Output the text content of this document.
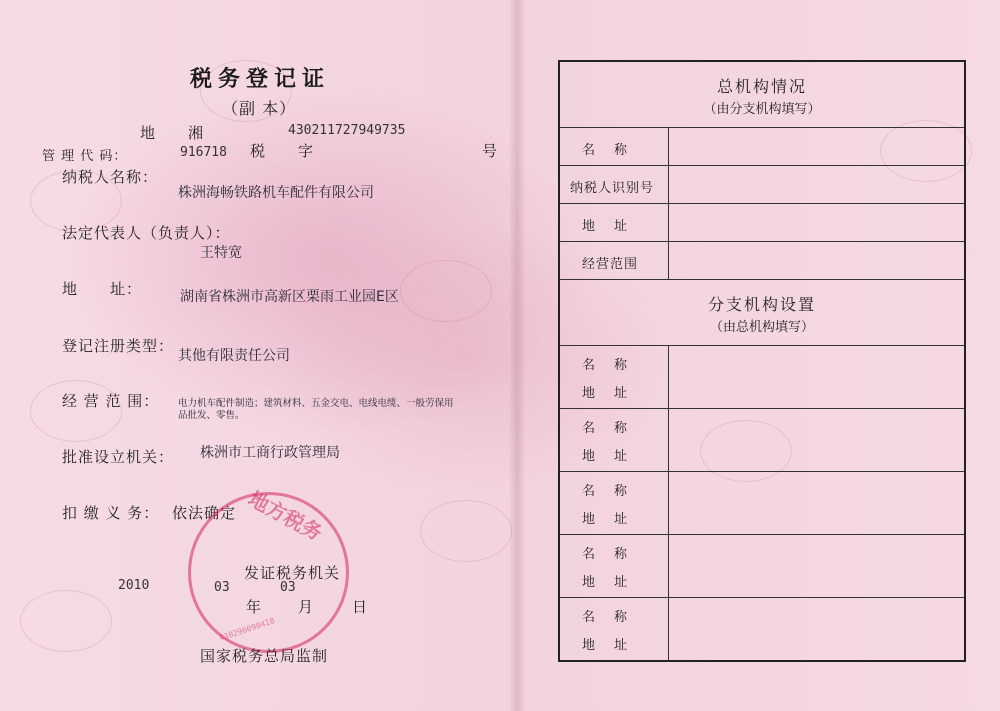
税务登记证
（副 本）
地　　湘	430211727949735
管 理 代 码：	916718 税　　字	号
纳税人名称：
株洲海畅铁路机车配件有限公司
法定代表人（负责人）：
王特宽
地　　址：	湖南省株洲市高新区栗雨工业园E区
登记注册类型：
其他有限责任公司
经 营 范 围： 电力机车配件制造；建筑材料、五金交电、电线电缆、一般劳保用
品批发、零售。
批准设立机关： 株洲市工商行政管理局
扣 缴 义 务： 依法确定 地方税务
430296090418
发证税务机关
2010	03	03
年 月	日
国家税务总局监制
总机构情况
（由分支机构填写）
名　称
纳税人识别号
地　址
经营范围
分支机构设置
（由总机构填写）
名　称
地　址
名　称
地　址
名　称
地　址
名　称
地　址
名　称
地　址
